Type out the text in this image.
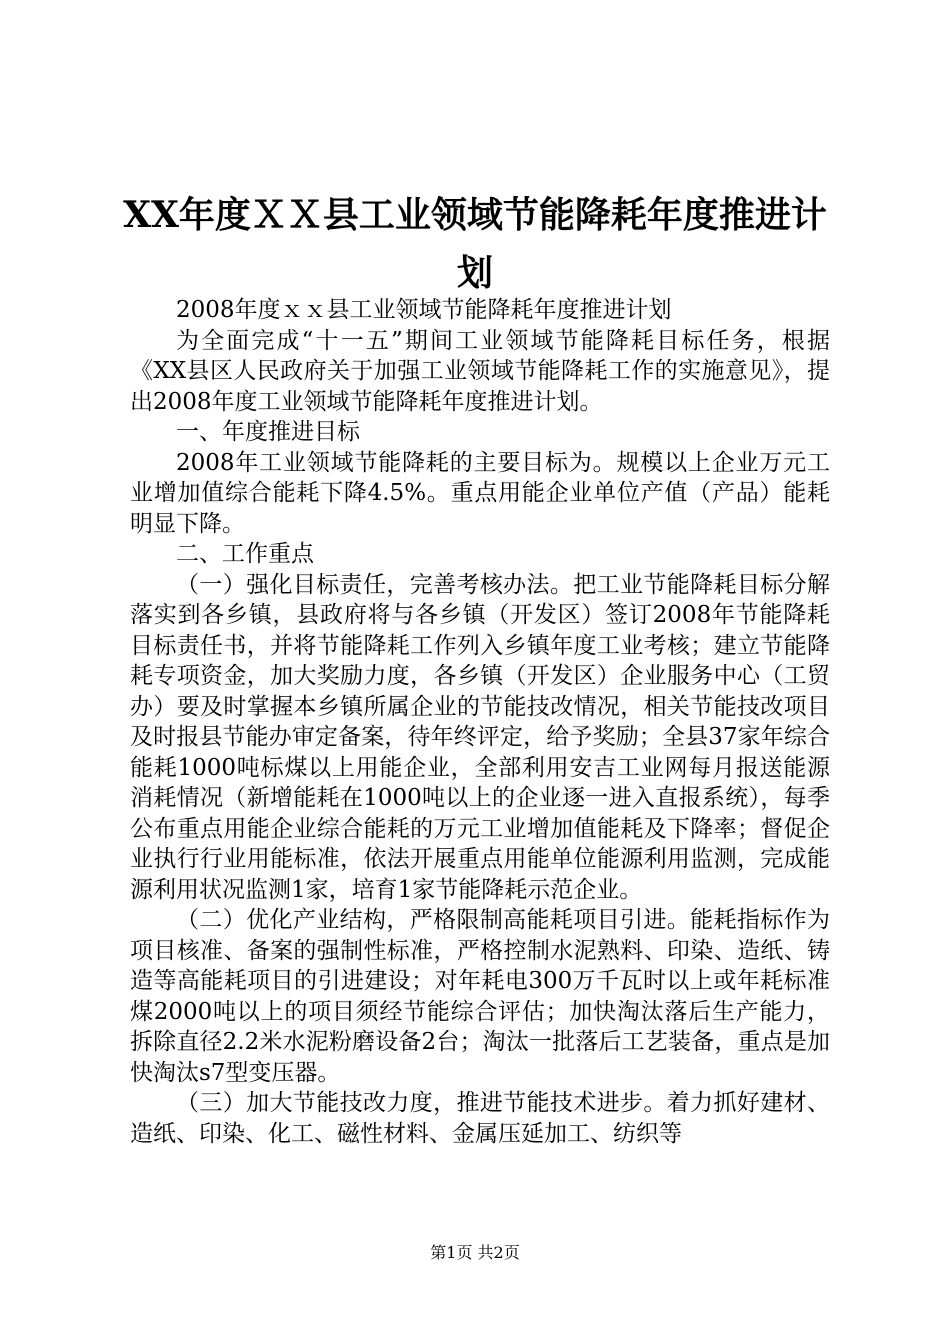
XX年度ＸＸ县工业领域节能降耗年度推进计划

2008年度ｘｘ县工业领域节能降耗年度推进计划

为全面完成“十一五”期间工业领域节能降耗目标任务，根据《XX县区人民政府关于加强工业领域节能降耗工作的实施意见》，提出2008年度工业领域节能降耗年度推进计划。

一、年度推进目标

2008年工业领域节能降耗的主要目标为。规模以上企业万元工业增加值综合能耗下降4.5%。重点用能企业单位产值（产品）能耗明显下降。

二、工作重点

（一）强化目标责任，完善考核办法。把工业节能降耗目标分解落实到各乡镇，县政府将与各乡镇（开发区）签订2008年节能降耗目标责任书，并将节能降耗工作列入乡镇年度工业考核；建立节能降耗专项资金，加大奖励力度，各乡镇（开发区）企业服务中心（工贸办）要及时掌握本乡镇所属企业的节能技改情况，相关节能技改项目及时报县节能办审定备案，待年终评定，给予奖励；全县37家年综合能耗1000吨标煤以上用能企业，全部利用安吉工业网每月报送能源消耗情况（新增能耗在1000吨以上的企业逐一进入直报系统），每季公布重点用能企业综合能耗的万元工业增加值能耗及下降率；督促企业执行行业用能标准，依法开展重点用能单位能源利用监测，完成能源利用状况监测1家，培育1家节能降耗示范企业。

（二）优化产业结构，严格限制高能耗项目引进。能耗指标作为项目核准、备案的强制性标准，严格控制水泥熟料、印染、造纸、铸造等高能耗项目的引进建设；对年耗电300万千瓦时以上或年耗标准煤2000吨以上的项目须经节能综合评估；加快淘汰落后生产能力，拆除直径2.2米水泥粉磨设备2台；淘汰一批落后工艺装备，重点是加快淘汰s7型变压器。

（三）加大节能技改力度，推进节能技术进步。着力抓好建材、造纸、印染、化工、磁性材料、金属压延加工、纺织等

第1页 共2页
